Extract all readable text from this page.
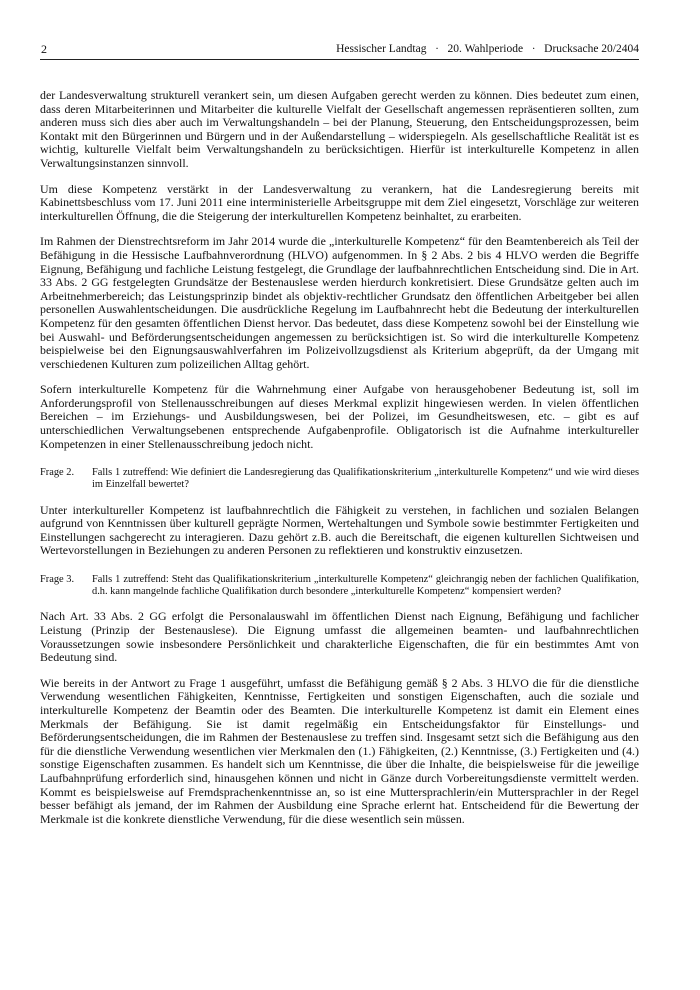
2	Hessischer Landtag   ·   20. Wahlperiode   ·   Drucksache 20/2404

der Landesverwaltung strukturell verankert sein, um diesen Aufgaben gerecht werden zu können. Dies bedeutet zum einen, dass deren Mitarbeiterinnen und Mitarbeiter die kulturelle Vielfalt der Gesellschaft angemessen repräsentieren sollten, zum anderen muss sich dies aber auch im Verwaltungshandeln – bei der Planung, Steuerung, den Entscheidungsprozessen, beim Kontakt mit den Bürgerinnen und Bürgern und in der Außendarstellung – widerspiegeln. Als gesellschaftliche Realität ist es wichtig, kulturelle Vielfalt beim Verwaltungshandeln zu berücksichtigen. Hierfür ist interkulturelle Kompetenz in allen Verwaltungsinstanzen sinnvoll.

Um diese Kompetenz verstärkt in der Landesverwaltung zu verankern, hat die Landesregierung bereits mit Kabinettsbeschluss vom 17. Juni 2011 eine interministerielle Arbeitsgruppe mit dem Ziel eingesetzt, Vorschläge zur weiteren interkulturellen Öffnung, die die Steigerung der interkulturellen Kompetenz beinhaltet, zu erarbeiten.

Im Rahmen der Dienstrechtsreform im Jahr 2014 wurde die „interkulturelle Kompetenz“ für den Beamtenbereich als Teil der Befähigung in die Hessische Laufbahnverordnung (HLVO) aufgenommen. In § 2 Abs. 2 bis 4 HLVO werden die Begriffe Eignung, Befähigung und fachliche Leistung festgelegt, die Grundlage der laufbahnrechtlichen Entscheidung sind. Die in Art. 33 Abs. 2 GG festgelegten Grundsätze der Bestenauslese werden hierdurch konkretisiert. Diese Grundsätze gelten auch im Arbeitnehmerbereich; das Leistungsprinzip bindet als objektiv-rechtlicher Grundsatz den öffentlichen Arbeitgeber bei allen personellen Auswahlentscheidungen. Die ausdrückliche Regelung im Laufbahnrecht hebt die Bedeutung der interkulturellen Kompetenz für den gesamten öffentlichen Dienst hervor. Das bedeutet, dass diese Kompetenz sowohl bei der Einstellung wie bei Auswahl- und Beförderungsentscheidungen angemessen zu berücksichtigen ist. So wird die interkulturelle Kompetenz beispielweise bei den Eignungsauswahlverfahren im Polizeivollzugsdienst als Kriterium abgeprüft, da der Umgang mit verschiedenen Kulturen zum polizeilichen Alltag gehört.

Sofern interkulturelle Kompetenz für die Wahrnehmung einer Aufgabe von herausgehobener Bedeutung ist, soll im Anforderungsprofil von Stellenausschreibungen auf dieses Merkmal explizit hingewiesen werden. In vielen öffentlichen Bereichen – im Erziehungs- und Ausbildungswesen, bei der Polizei, im Gesundheitswesen, etc. – gibt es auf unterschiedlichen Verwaltungsebenen entsprechende Aufgabenprofile. Obligatorisch ist die Aufnahme interkultureller Kompetenzen in einer Stellenausschreibung jedoch nicht.

Frage 2.	Falls 1 zutreffend: Wie definiert die Landesregierung das Qualifikationskriterium „interkulturelle Kompetenz“ und wie wird dieses im Einzelfall bewertet?

Unter interkultureller Kompetenz ist laufbahnrechtlich die Fähigkeit zu verstehen, in fachlichen und sozialen Belangen aufgrund von Kenntnissen über kulturell geprägte Normen, Wertehaltungen und Symbole sowie bestimmter Fertigkeiten und Einstellungen sachgerecht zu interagieren. Dazu gehört z.B. auch die Bereitschaft, die eigenen kulturellen Sichtweisen und Wertevorstellungen in Beziehungen zu anderen Personen zu reflektieren und konstruktiv einzusetzen.

Frage 3.	Falls 1 zutreffend: Steht das Qualifikationskriterium „interkulturelle Kompetenz“ gleichrangig neben der fachlichen Qualifikation, d.h. kann mangelnde fachliche Qualifikation durch besondere „interkulturelle Kompetenz“ kompensiert werden?

Nach Art. 33 Abs. 2 GG erfolgt die Personalauswahl im öffentlichen Dienst nach Eignung, Befähigung und fachlicher Leistung (Prinzip der Bestenauslese). Die Eignung umfasst die allgemeinen beamten- und laufbahnrechtlichen Voraussetzungen sowie insbesondere Persönlichkeit und charakterliche Eigenschaften, die für ein bestimmtes Amt von Bedeutung sind.

Wie bereits in der Antwort zu Frage 1 ausgeführt, umfasst die Befähigung gemäß § 2 Abs. 3 HLVO die für die dienstliche Verwendung wesentlichen Fähigkeiten, Kenntnisse, Fertigkeiten und sonstigen Eigenschaften, auch die soziale und interkulturelle Kompetenz der Beamtin oder des Beamten. Die interkulturelle Kompetenz ist damit ein Element eines Merkmals der Befähigung. Sie ist damit regelmäßig ein Entscheidungsfaktor für Einstellungs- und Beförderungsentscheidungen, die im Rahmen der Bestenauslese zu treffen sind. Insgesamt setzt sich die Befähigung aus den für die dienstliche Verwendung wesentlichen vier Merkmalen den (1.) Fähigkeiten, (2.) Kenntnisse, (3.) Fertigkeiten und (4.) sonstige Eigenschaften zusammen. Es handelt sich um Kenntnisse, die über die Inhalte, die beispielsweise für die jeweilige Laufbahnprüfung erforderlich sind, hinausgehen können und nicht in Gänze durch Vorbereitungsdienste vermittelt werden. Kommt es beispielsweise auf Fremdsprachenkenntnisse an, so ist eine Muttersprachlerin/ein Muttersprachler in der Regel besser befähigt als jemand, der im Rahmen der Ausbildung eine Sprache erlernt hat. Entscheidend für die Bewertung der Merkmale ist die konkrete dienstliche Verwendung, für die diese wesentlich sein müssen.
